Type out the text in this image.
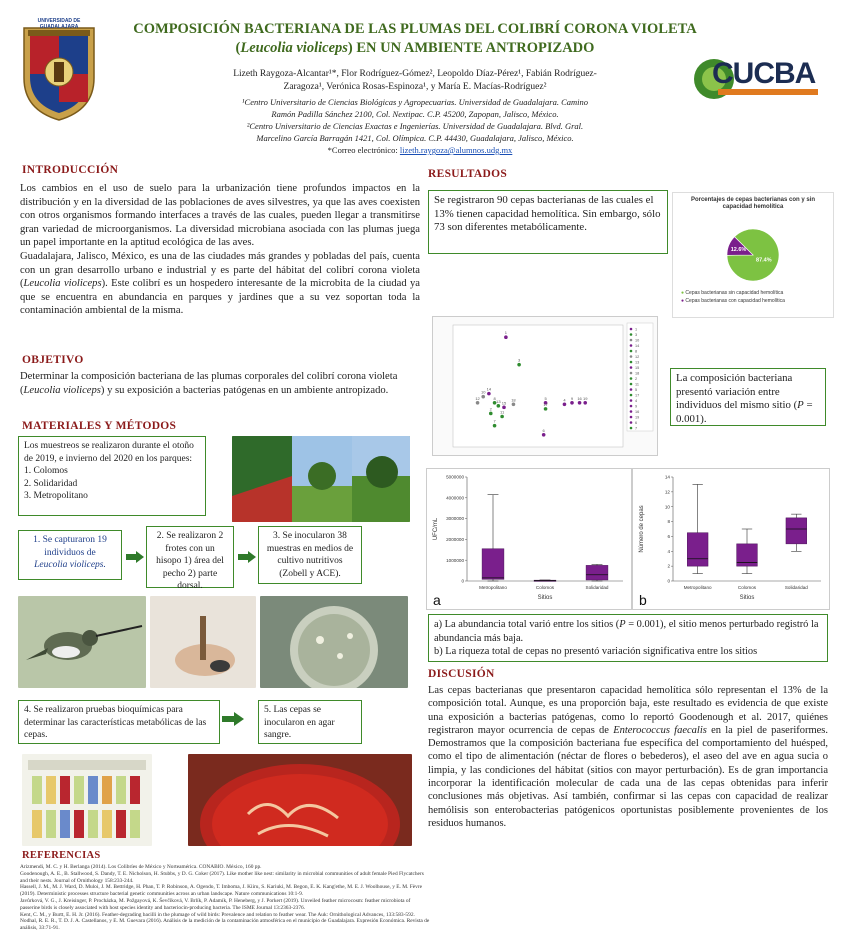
UNIVERSIDAD DE GUADALAJARA	COMPOSICIÓN BACTERIANA DE LAS PLUMAS DEL COLIBRÍ CORONA VIOLETA
(Leucolia violiceps) EN UN AMBIENTE ANTROPIZADO
Lizeth Raygoza-Alcantar¹*, Flor Rodríguez-Gómez², Leopoldo Díaz-Pérez¹, Fabián Rodríguez-
Zaragoza¹, Verónica Rosas-Espinoza¹, y María E. Macías-Rodríguez²
¹Centro Universitario de Ciencias Biológicas y Agropecuarias. Universidad de Guadalajara. Camino
Ramón Padilla Sánchez 2100, Col. Nextipac. C.P. 45200, Zapopan, Jalisco, México.
²Centro Universitario de Ciencias Exactas e Ingenierías. Universidad de Guadalajara. Blvd. Gral.
Marcelino García Barragán 1421, Col. Olímpica. C.P. 44430, Guadalajara, Jalisco, México.
*Correo electrónico: lizeth.raygoza@alumnos.udg.mx
CUCBA
INTRODUCCIÓN
Los cambios en el uso de suelo para la urbanización tiene profundos impactos en la distribución y en la diversidad de las poblaciones de aves silvestres, ya que las aves coexisten con otros organismos formando interfaces a través de las cuales, pueden llegar a transmitirse gran variedad de microorganismos. La diversidad microbiana asociada con las plumas juega un papel importante en la aptitud ecológica de las aves.
Guadalajara, Jalisco, México, es una de las ciudades más grandes y pobladas del país, cuenta con un gran desarrollo urbano e industrial y es parte del hábitat del colibrí corona violeta (Leucolia violiceps). Este colibrí es un hospedero interesante de la microbita de la ciudad ya que se encuentra en abundancia en parques y jardines que a su vez soportan toda la contaminación ambiental de la misma.
OBJETIVO
Determinar la composición bacteriana de las plumas corporales del colibrí corona violeta (Leucolia violiceps) y su exposición a bacterias patógenas en un ambiente antropizado.
MATERIALES Y MÉTODOS
Los muestreos se realizaron durante el otoño de 2019, e invierno del 2020 en los parques:
1. Colomos
2. Solidaridad
3. Metropolitano
1. Se capturaron 19 individuos de
Leucolia violiceps.
2. Se realizaron 2 frotes con un hisopo 1) área del pecho 2) parte dorsal.
3. Se inocularon 38 muestras en medios de cultivo nutritivos (Zobell y ACE).
4. Se realizaron pruebas bioquímicas para determinar las características metabólicas de las cepas.
5. Las cepas se inocularon en agar sangre.
REFERENCIAS
Arizmendi, M. C. y H. Berlanga (2014). Los Colibríes de México y Norteamérica. CONABIO. México, 160 pp.
Goodenough, A. E., B. Stallwood, S. Dandy, T. E. Nicholson, H. Stubbs, y D. G. Coker (2017). Like mother like nest: similarity in microbial communities of adult female Pied Flycatchers and their nests. Journal of Ornithology 158:233-244.
Hassell, J. M., M. J. Ward, D. Muloi, J. M. Bettridge, H. Phan, T. P. Robinson, A. Ogendo, T. Imboma, J. Kiiru, S. Kariuki, M. Begon, E. K. Kang'ethe, M. E. J. Woolhouse, y E. M. Fèvre (2019). Deterministic processes structure bacterial genetic communities across an urban landscape. Nature communications 10:1-9.
Javůrková, V. G., J. Kreisinger, P. Procházka, M. Požgayová, K. Ševčíková, V. Brlík, P. Adamík, P. Heneberg, y J. Porkert (2019). Unveiled feather microcosm: feather microbiota of passerine birds is closely associated with host species identity and bacteriocin-producing bacteria. The ISME Journal 13:2363-2376.
Kent, C. M., y Burtt, E. H. Jr. (2016). Feather-degrading bacilli in the plumage of wild birds: Prevalence and relation to feather wear. The Auk: Ornithological Advances, 133:583-592.
Nodhal, R. E. R., T. D. J. A. Castellanos, y E. M. Guevara (2016). Análisis de la medición de la contaminación atmosférica en el municipio de Guadalajara. Expresión Económica. Revista de análisis, 33:71-91.
RESULTADOS
Se registraron 90 cepas bacterianas de las cuales el 13% tienen capacidad hemolítica. Sin embargo, sólo 73 son diferentes metabólicamente.
Porcentajes de cepas bacterianas con y sin capacidad hemolítica
87.4%
12.6%
● Cepas bacterianas sin capacidad hemolítica
● Cepas bacterianas con capacidad hemolítica
1
3
10
14
8
12
13 15
18
2
11
5
17
4 9 16 19
6
7
1
3
10
14
8
12
13
15
18
2
11
5
17
4
9
16
19
6
7
La composición bacteriana presentó variación entre individuos del mismo sitio (P = 0.001).
0
1000000
2000000
3000000
4000000
5000000
UFC/mL
Metropolitano	Colomos	Solidaridad
Sitios
a
0
2
4
6
8
10
12
14
Número de cepas
Metropolitano	Colomos	Solidaridad
Sitios
b
a) La abundancia total varió entre los sitios (P = 0.001), el sitio menos perturbado registró la abundancia más baja.
b) La riqueza total de cepas no presentó variación significativa entre los sitios
DISCUSIÓN
Las cepas bacterianas que presentaron capacidad hemolítica sólo representan el 13% de la composición total. Aunque, es una proporción baja, este resultado es evidencia de que existe una exposición a bacterias patógenas, como lo reportó Goodenough et al. 2017, quiénes registraron mayor ocurrencia de cepas de Enterococcus faecalis en la piel de paseriformes. Demostramos que la composición bacteriana fue específica del comportamiento del huésped, como el tipo de alimentación (néctar de flores o bebederos), el aseo del ave en agua sucia o limpia, y las condiciones del hábitat (sitios con mayor perturbación). Es de gran importancia incorporar la identificación molecular de cada una de las cepas obtenidas para inferir conclusiones más objetivas. Así también, confirmar si las cepas con capacidad de realizar hemólisis son enterobacterias patógenicos oportunistas posiblemente provenientes de los residuos humanos.
